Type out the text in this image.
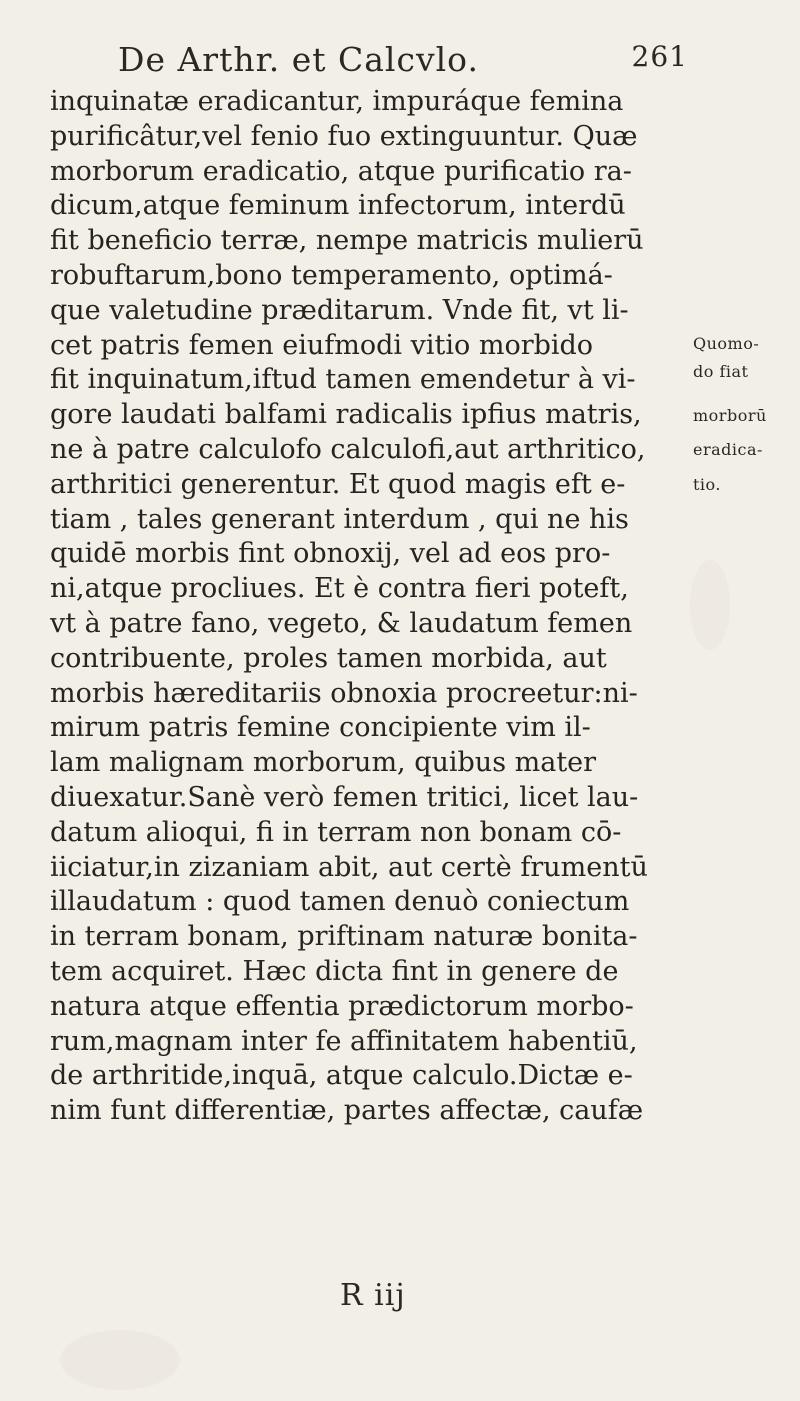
De Arthr. et Calcvlo.	261
inquinatæ eradicantur, impuráque femina
purificâtur,vel fenio fuo extinguuntur. Quæ
morborum eradicatio, atque purificatio ra-
dicum,atque feminum infectorum, interdū
fit beneficio terræ, nempe matricis mulierū
robuftarum,bono temperamento, optimá-
que valetudine præditarum. Vnde fit, vt li-
cet patris femen eiufmodi vitio morbido
fit inquinatum,iftud tamen emendetur à vi-
gore laudati balfami radicalis ipfius matris,
ne à patre calculofo calculofi,aut arthritico,
arthritici generentur. Et quod magis eft e-
tiam , tales generant interdum , qui ne his
quidē morbis fint obnoxij, vel ad eos pro-
ni,atque procliues. Et è contra fieri poteft,
vt à patre fano, vegeto, & laudatum femen
contribuente, proles tamen morbida, aut
morbis hæreditariis obnoxia procreetur:ni-
mirum patris femine concipiente vim il-
lam malignam morborum, quibus mater
diuexatur.Sanè verò femen tritici, licet lau-
datum alioqui, fi in terram non bonam cō-
iiciatur,in zizaniam abit, aut certè frumentū
illaudatum : quod tamen denuò coniectum
in terram bonam, priftinam naturæ bonita-
tem acquiret. Hæc dicta fint in genere de
natura atque effentia prædictorum morbo-
rum,magnam inter fe affinitatem habentiū,
de arthritide,inquā, atque calculo.Dictæ e-
nim funt differentiæ, partes affectæ, caufæ
Quomo-
do fiat
morborū
eradica-
tio.
R iij
